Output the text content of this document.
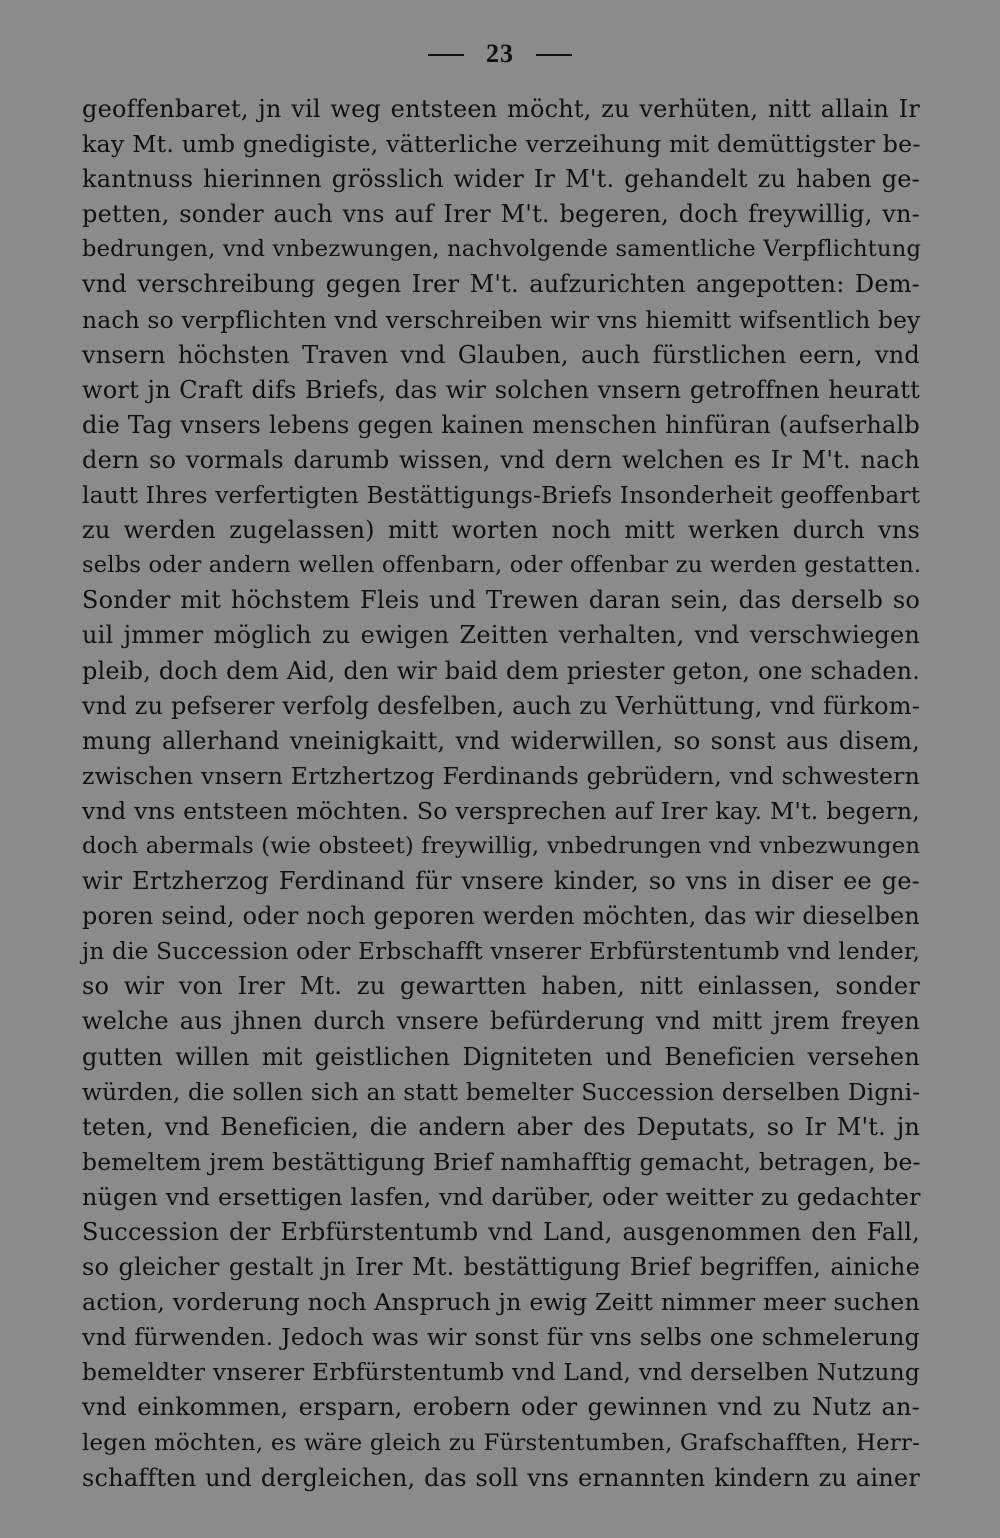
23
geoffenbaret, jn vil weg entsteen möcht, zu verhüten, nitt allain Ir
kay Mt. umb gnedigiste, vätterliche verzeihung mit demüttigster be-
kantnuss hierinnen grösslich wider Ir M't. gehandelt zu haben ge-
petten, sonder auch vns auf Irer M't. begeren, doch freywillig, vn-
bedrungen, vnd vnbezwungen, nachvolgende samentliche Verpflichtung
vnd verschreibung gegen Irer M't. aufzurichten angepotten: Dem-
nach so verpflichten vnd verschreiben wir vns hiemitt wifsentlich bey
vnsern höchsten Traven vnd Glauben, auch fürstlichen eern, vnd
wort jn Craft difs Briefs, das wir solchen vnsern getroffnen heuratt
die Tag vnsers lebens gegen kainen menschen hinfüran (aufserhalb
dern so vormals darumb wissen, vnd dern welchen es Ir M't. nach
lautt Ihres verfertigten Bestättigungs-Briefs Insonderheit geoffenbart
zu werden zugelassen) mitt worten noch mitt werken durch vns
selbs oder andern wellen offenbarn, oder offenbar zu werden gestatten.
Sonder mit höchstem Fleis und Trewen daran sein, das derselb so
uil jmmer möglich zu ewigen Zeitten verhalten, vnd verschwiegen
pleib, doch dem Aid, den wir baid dem priester geton, one schaden.
vnd zu pefserer verfolg desfelben, auch zu Verhüttung, vnd fürkom-
mung allerhand vneinigkaitt, vnd widerwillen, so sonst aus disem,
zwischen vnsern Ertzhertzog Ferdinands gebrüdern, vnd schwestern
vnd vns entsteen möchten. So versprechen auf Irer kay. M't. begern,
doch abermals (wie obsteet) freywillig, vnbedrungen vnd vnbezwungen
wir Ertzherzog Ferdinand für vnsere kinder, so vns in diser ee ge-
poren seind, oder noch geporen werden möchten, das wir dieselben
jn die Succession oder Erbschafft vnserer Erbfürstentumb vnd lender,
so wir von Irer Mt. zu gewartten haben, nitt einlassen, sonder
welche aus jhnen durch vnsere befürderung vnd mitt jrem freyen
gutten willen mit geistlichen Digniteten und Beneficien versehen
würden, die sollen sich an statt bemelter Succession derselben Digni-
teten, vnd Beneficien, die andern aber des Deputats, so Ir M't. jn
bemeltem jrem bestättigung Brief namhafftig gemacht, betragen, be-
nügen vnd ersettigen lasfen, vnd darüber, oder weitter zu gedachter
Succession der Erbfürstentumb vnd Land, ausgenommen den Fall,
so gleicher gestalt jn Irer Mt. bestättigung Brief begriffen, ainiche
action, vorderung noch Anspruch jn ewig Zeitt nimmer meer suchen
vnd fürwenden. Jedoch was wir sonst für vns selbs one schmelerung
bemeldter vnserer Erbfürstentumb vnd Land, vnd derselben Nutzung
vnd einkommen, ersparn, erobern oder gewinnen vnd zu Nutz an-
legen möchten, es wäre gleich zu Fürstentumben, Grafschafften, Herr-
schafften und dergleichen, das soll vns ernannten kindern zu ainer
